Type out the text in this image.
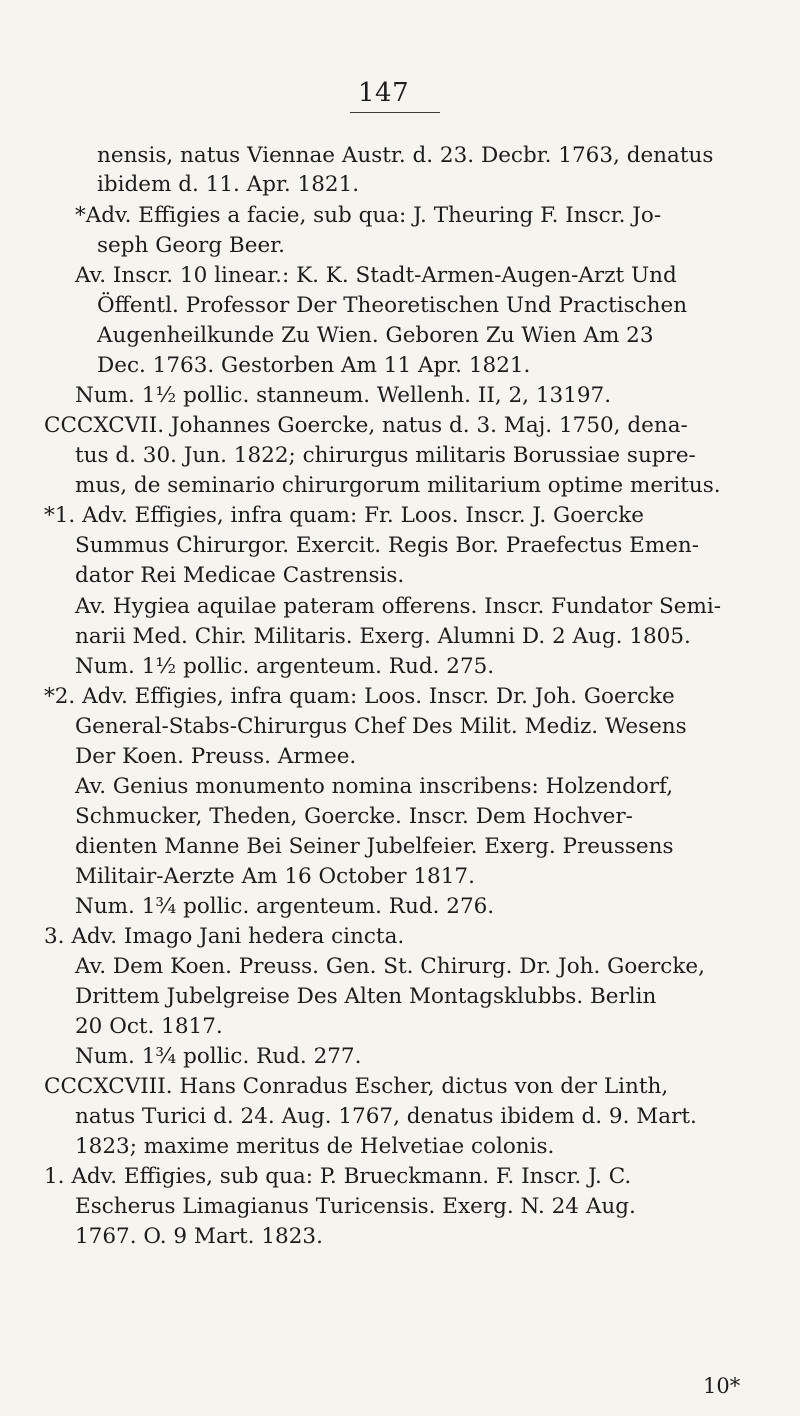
147
nensis, natus Viennae Austr. d. 23. Decbr. 1763, denatus
ibidem d. 11. Apr. 1821.
*Adv. Effigies a facie, sub qua: J. Theuring F. Inscr. Jo-
seph Georg Beer.
Av. Inscr. 10 linear.: K. K. Stadt-Armen-Augen-Arzt Und
Öffentl. Professor Der Theoretischen Und Practischen
Augenheilkunde Zu Wien. Geboren Zu Wien Am 23
Dec. 1763. Gestorben Am 11 Apr. 1821.
Num. 1½ pollic. stanneum. Wellenh. II, 2, 13197.
CCCXCVII. Johannes Goercke, natus d. 3. Maj. 1750, dena-
tus d. 30. Jun. 1822; chirurgus militaris Borussiae supre-
mus, de seminario chirurgorum militarium optime meritus.
*1. Adv. Effigies, infra quam: Fr. Loos. Inscr. J. Goercke
Summus Chirurgor. Exercit. Regis Bor. Praefectus Emen-
dator Rei Medicae Castrensis.
Av. Hygiea aquilae pateram offerens. Inscr. Fundator Semi-
narii Med. Chir. Militaris. Exerg. Alumni D. 2 Aug. 1805.
Num. 1½ pollic. argenteum. Rud. 275.
*2. Adv. Effigies, infra quam: Loos. Inscr. Dr. Joh. Goercke
General-Stabs-Chirurgus Chef Des Milit. Mediz. Wesens
Der Koen. Preuss. Armee.
Av. Genius monumento nomina inscribens: Holzendorf,
Schmucker, Theden, Goercke. Inscr. Dem Hochver-
dienten Manne Bei Seiner Jubelfeier. Exerg. Preussens
Militair-Aerzte Am 16 October 1817.
Num. 1¾ pollic. argenteum. Rud. 276.
3. Adv. Imago Jani hedera cincta.
Av. Dem Koen. Preuss. Gen. St. Chirurg. Dr. Joh. Goercke,
Drittem Jubelgreise Des Alten Montagsklubbs. Berlin
20 Oct. 1817.
Num. 1¾ pollic. Rud. 277.
CCCXCVIII. Hans Conradus Escher, dictus von der Linth,
natus Turici d. 24. Aug. 1767, denatus ibidem d. 9. Mart.
1823; maxime meritus de Helvetiae colonis.
1. Adv. Effigies, sub qua: P. Brueckmann. F. Inscr. J. C.
Escherus Limagianus Turicensis. Exerg. N. 24 Aug.
1767. O. 9 Mart. 1823.
10*
